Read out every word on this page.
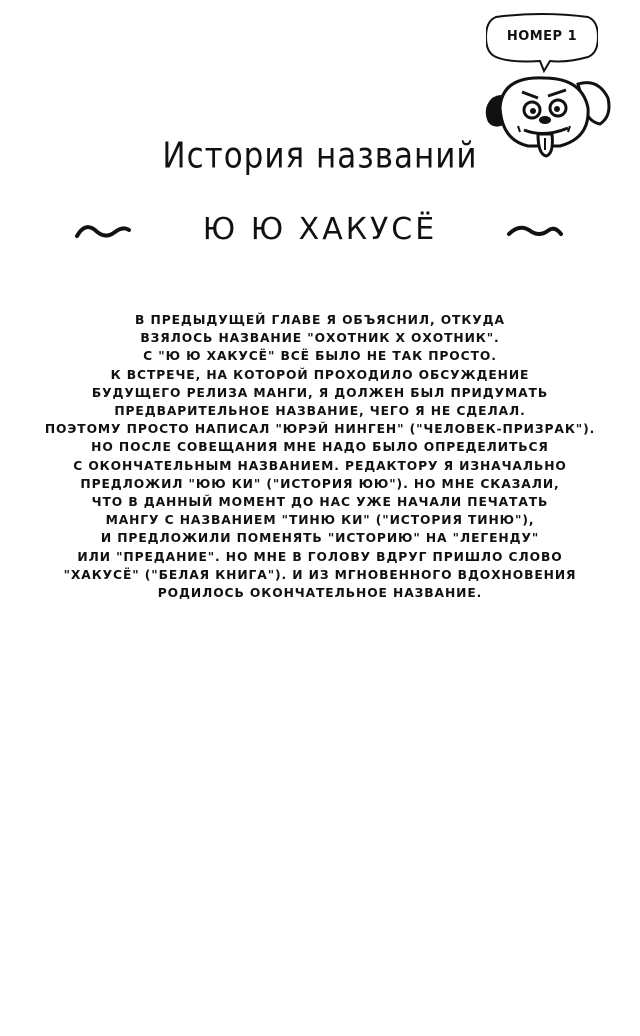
НОМЕР 1
История названий
Ю Ю ХАКУСЁ
В ПРЕДЫДУЩЕЙ ГЛАВЕ Я ОБЪЯСНИЛ, ОТКУДА
ВЗЯЛОСЬ НАЗВАНИЕ "ОХОТНИК Х ОХОТНИК".
С "Ю Ю ХАКУСЁ" ВСЁ БЫЛО НЕ ТАК ПРОСТО.
К ВСТРЕЧЕ, НА КОТОРОЙ ПРОХОДИЛО ОБСУЖДЕНИЕ
БУДУЩЕГО РЕЛИЗА МАНГИ, Я ДОЛЖЕН БЫЛ ПРИДУМАТЬ
ПРЕДВАРИТЕЛЬНОЕ НАЗВАНИЕ, ЧЕГО Я НЕ СДЕЛАЛ.
ПОЭТОМУ ПРОСТО НАПИСАЛ "ЮРЭЙ НИНГЕН" ("ЧЕЛОВЕК-ПРИЗРАК").
НО ПОСЛЕ СОВЕЩАНИЯ МНЕ НАДО БЫЛО ОПРЕДЕЛИТЬСЯ
С ОКОНЧАТЕЛЬНЫМ НАЗВАНИЕМ. РЕДАКТОРУ Я ИЗНАЧАЛЬНО
ПРЕДЛОЖИЛ "ЮЮ КИ" ("ИСТОРИЯ ЮЮ"). НО МНЕ СКАЗАЛИ,
ЧТО В ДАННЫЙ МОМЕНТ ДО НАС УЖЕ НАЧАЛИ ПЕЧАТАТЬ
МАНГУ С НАЗВАНИЕМ "ТИНЮ КИ" ("ИСТОРИЯ ТИНЮ"),
И ПРЕДЛОЖИЛИ ПОМЕНЯТЬ "ИСТОРИЮ" НА "ЛЕГЕНДУ"
ИЛИ "ПРЕДАНИЕ". НО МНЕ В ГОЛОВУ ВДРУГ ПРИШЛО СЛОВО
"ХАКУСЁ" ("БЕЛАЯ КНИГА"). И ИЗ МГНОВЕННОГО ВДОХНОВЕНИЯ
РОДИЛОСЬ ОКОНЧАТЕЛЬНОЕ НАЗВАНИЕ.
